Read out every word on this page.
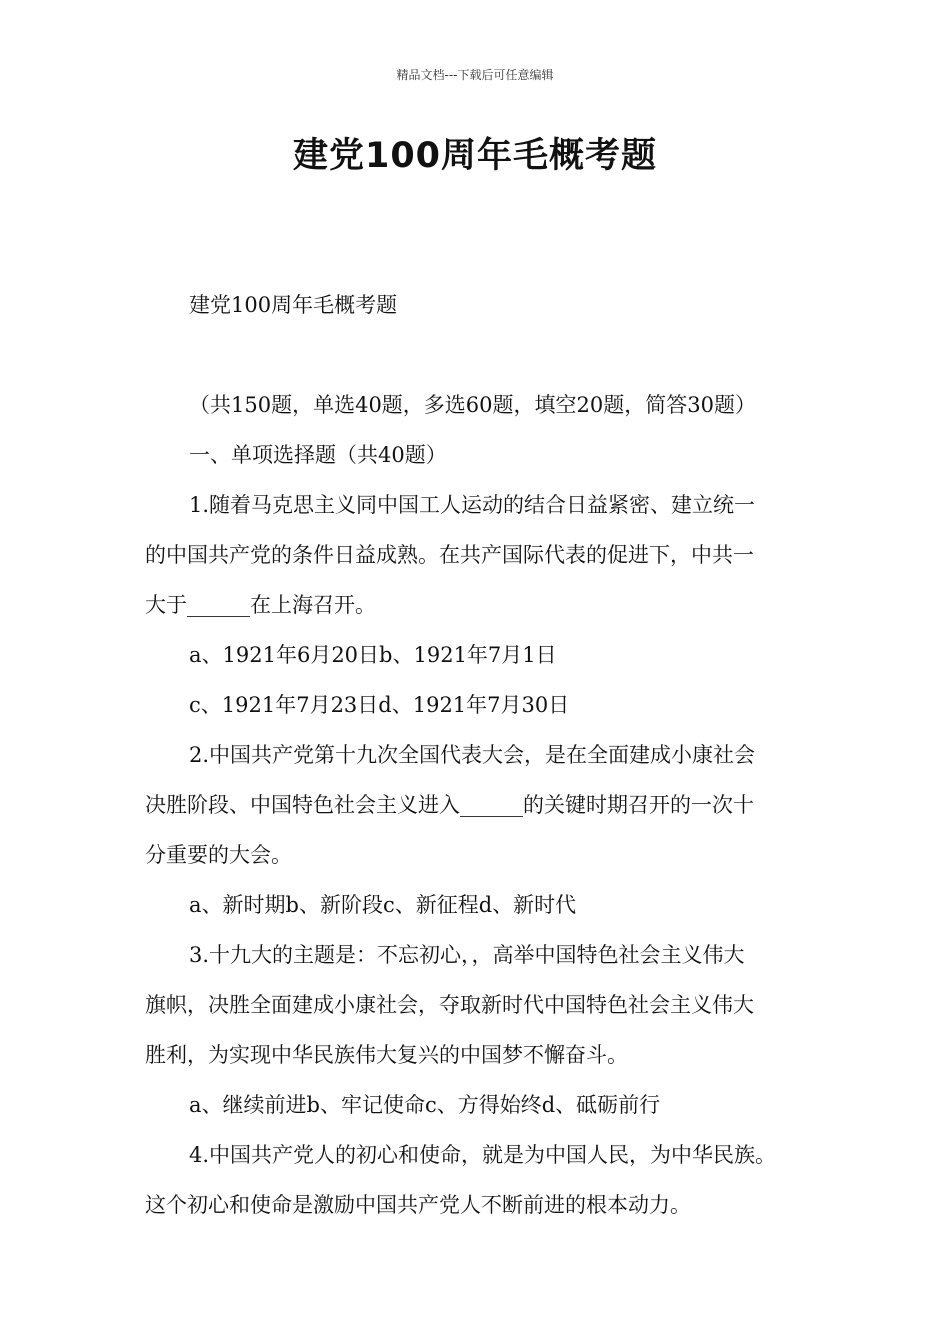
精品文档---下载后可任意编辑
建党100周年毛概考题

建党100周年毛概考题

（共150题，单选40题，多选60题，填空20题，简答30题）

一、单项选择题（共40题）

1.随着马克思主义同中国工人运动的结合日益紧密、建立统一

的中国共产党的条件日益成熟。在共产国际代表的促进下，中共一

大于______在上海召开。

a、1921年6月20日b、1921年7月1日

c、1921年7月23日d、1921年7月30日

2.中国共产党第十九次全国代表大会，是在全面建成小康社会

决胜阶段、中国特色社会主义进入______的关键时期召开的一次十

分重要的大会。

a、新时期b、新阶段c、新征程d、新时代

3.十九大的主题是：不忘初心，，高举中国特色社会主义伟大

旗帜，决胜全面建成小康社会，夺取新时代中国特色社会主义伟大

胜利，为实现中华民族伟大复兴的中国梦不懈奋斗。

a、继续前进b、牢记使命c、方得始终d、砥砺前行

4.中国共产党人的初心和使命，就是为中国人民，为中华民族。

这个初心和使命是激励中国共产党人不断前进的根本动力。
